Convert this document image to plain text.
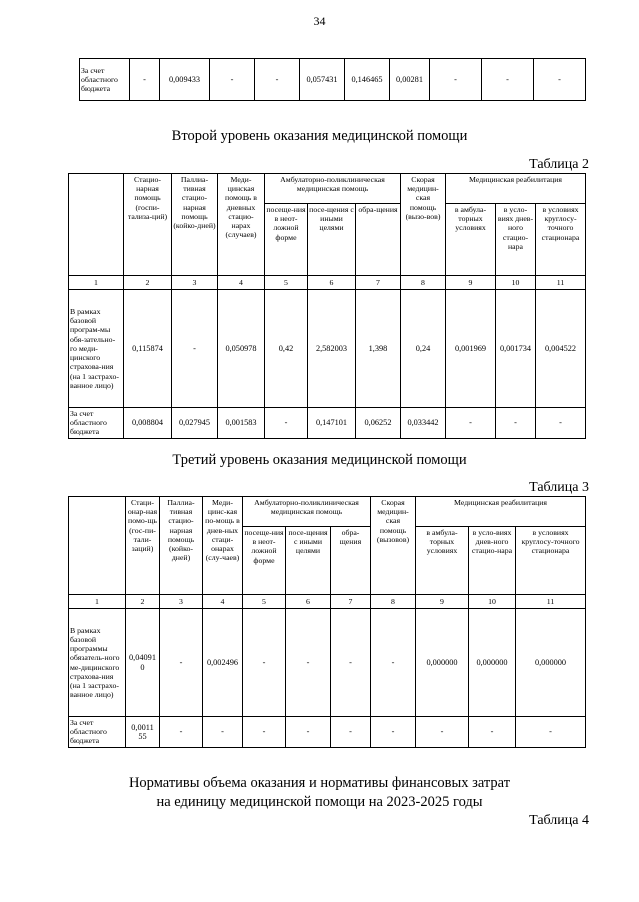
34
За счет областного бюджета	-	0,009433	-	-	0,057431	0,146465	0,00281	-	-	-
Второй уровень оказания медицинской помощи
Таблица 2
	Стацио-нарная помощь (госпи-тализа-ций)	Паллиа-тивная стацио-нарная помощь (койко-дней)	Меди-цинская помощь в дневных стацио-нарах (случаев)	Амбулаторно-поликлиническая медицинская помощь			Скорая медицин-ская помощь (вызо-вов)	Медицинская реабилитация		
				посеще-ния в неот-ложной форме	посе-щения с иными целями	обра-щения		в амбула-торных условиях	в усло-виях днев-ного стацио-нара	в условиях круглосу-точного стационара
1	2	3	4	5	6	7	8	9	10	11
В рамках базовой програм-мы обя-зательно-го меди-цинского страхова-ния (на 1 застрахо-ванное лицо)	0,115874	-	0,050978	0,42	2,582003	1,398	0,24	0,001969	0,001734	0,004522
За счет областного бюджета	0,008804	0,027945	0,001583	-	0,147101	0,06252	0,033442	-	-	-
Третий уровень оказания медицинской помощи
Таблица 3
	Стаци-онар-ная помо-щь (гос-пи-тали-заций)	Паллиа-тивная стацио-нарная помощь (койко-дней)	Меди-цинс-кая по-мощь в днев-ных стаци-онарах (слу-чаев)	Амбулаторно-поликлиническая медицинская помощь			Скорая медицин-ская помощь (вызовов)	Медицинская реабилитация		
				посеще-ния в неот-ложной форме	посе-щения с иными целями	обра-щения		в амбула-торных условиях	в усло-виях днев-ного стацио-нара	в условиях круглосу-точного стационара
1	2	3	4	5	6	7	8	9	10	11
В рамках базовой программы обязатель-ного ме-дицинского страхова-ния (на 1 застрахо-ванное лицо)	0,040910	-	0,002496	-	-	-	-	0,000000	0,000000	0,000000
За счет областного бюджета	0,0011 55	-	-	-	-	-	-	-	-	-
Нормативы объема оказания и нормативы финансовых затрат
на единицу медицинской помощи на 2023-2025 годы
Таблица 4
